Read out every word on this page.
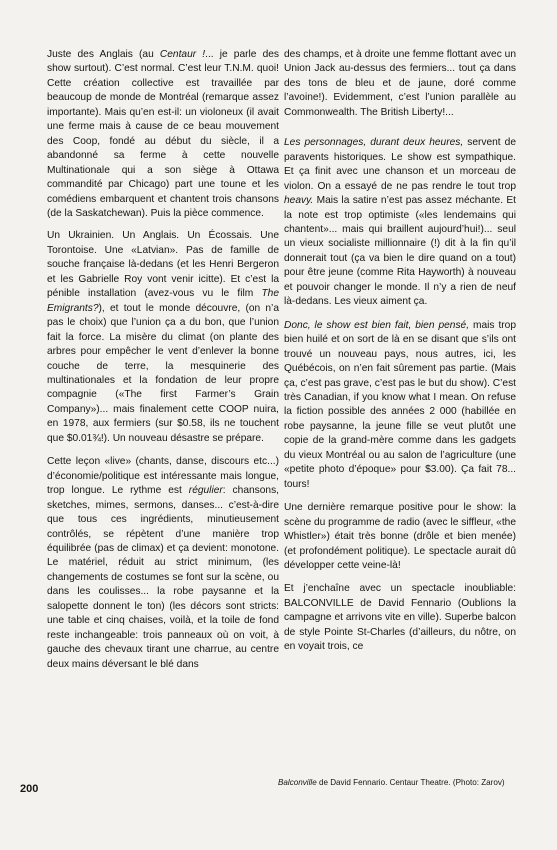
Juste des Anglais (au Centaur !... je parle des show surtout). C’est normal. C’est leur T.N.M. quoi! Cette création collective est travaillée par beaucoup de monde de Montréal (remarque assez importante). Mais qu’en est-il: un violoneux (il avait une ferme mais à cause de ce beau mouvement des Coop, fondé au début du siècle, il a abandonné sa ferme à cette nouvelle Multinationale qui a son siège à Ottawa commandité par Chicago) part une toune et les comédiens embarquent et chantent trois chansons (de la Saskatchewan). Puis la pièce commence.

Un Ukrainien. Un Anglais. Un Écossais. Une Torontoise. Une «Latvian». Pas de famille de souche française là-dedans (et les Henri Bergeron et les Gabrielle Roy vont venir icitte). Et c’est la pénible installation (avez-vous vu le film The Emigrants?), et tout le monde découvre, (on n’a pas le choix) que l’union ça a du bon, que l’union fait la force. La misère du climat (on plante des arbres pour empêcher le vent d’enlever la bonne couche de terre, la mesquinerie des multinationales et la fondation de leur propre compagnie («The first Farmer’s Grain Company»)... mais finalement cette COOP nuira, en 1978, aux fermiers (sur $0.58, ils ne touchent que $0.01¾!). Un nouveau désastre se prépare.

Cette leçon «live» (chants, danse, discours etc...) d’économie/politique est intéressante mais longue, trop longue. Le rythme est régulier: chansons, sketches, mimes, sermons, danses... c’est-à-dire que tous ces ingrédients, minutieusement contrôlés, se répètent d’une manière trop équilibrée (pas de climax) et ça devient: monotone. Le matériel, réduit au strict minimum, (les changements de costumes se font sur la scène, ou dans les coulisses... la robe paysanne et la salopette donnent le ton) (les décors sont stricts: une table et cinq chaises, voilà, et la toile de fond reste inchangeable: trois panneaux où on voit, à gauche des chevaux tirant une charrue, au centre deux mains déversant le blé dans

des champs, et à droite une femme flottant avec un Union Jack au-dessus des fermiers... tout ça dans des tons de bleu et de jaune, doré comme l’avoine!). Evidemment, c’est l’union parallèle au Commonwealth. The British Liberty!...

Les personnages, durant deux heures, servent de paravents historiques. Le show est sympathique. Et ça finit avec une chanson et un morceau de violon. On a essayé de ne pas rendre le tout trop heavy. Mais la satire n’est pas assez méchante. Et la note est trop optimiste («les lendemains qui chantent»... mais qui braillent aujourd’hui!)... seul un vieux socialiste millionnaire (!) dit à la fin qu’il donnerait tout (ça va bien le dire quand on a tout) pour être jeune (comme Rita Hayworth) à nouveau et pouvoir changer le monde. Il n’y a rien de neuf là-dedans. Les vieux aiment ça.

Donc, le show est bien fait, bien pensé, mais trop bien huilé et on sort de là en se disant que s’ils ont trouvé un nouveau pays, nous autres, ici, les Québécois, on n’en fait sûrement pas partie. (Mais ça, c’est pas grave, c’est pas le but du show). C’est très Canadian, if you know what I mean. On refuse la fiction possible des années 2 000 (habillée en robe paysanne, la jeune fille se veut plutôt une copie de la grand-mère comme dans les gadgets du vieux Montréal ou au salon de l’agriculture (une «petite photo d’époque» pour $3.00). Ça fait 78... tours!

Une dernière remarque positive pour le show: la scène du programme de radio (avec le siffleur, «the Whistler») était très bonne (drôle et bien menée) (et profondément politique). Le spectacle aurait dû développer cette veine-là!

Et j’enchaîne avec un spectacle inoubliable: BALCONVILLE de David Fennario (Oublions la campagne et arrivons vite en ville). Superbe balcon de style Pointe St-Charles (d’ailleurs, du nôtre, on en voyait trois, ce

Balconville de David Fennario. Centaur Theatre. (Photo: Zarov)
200
